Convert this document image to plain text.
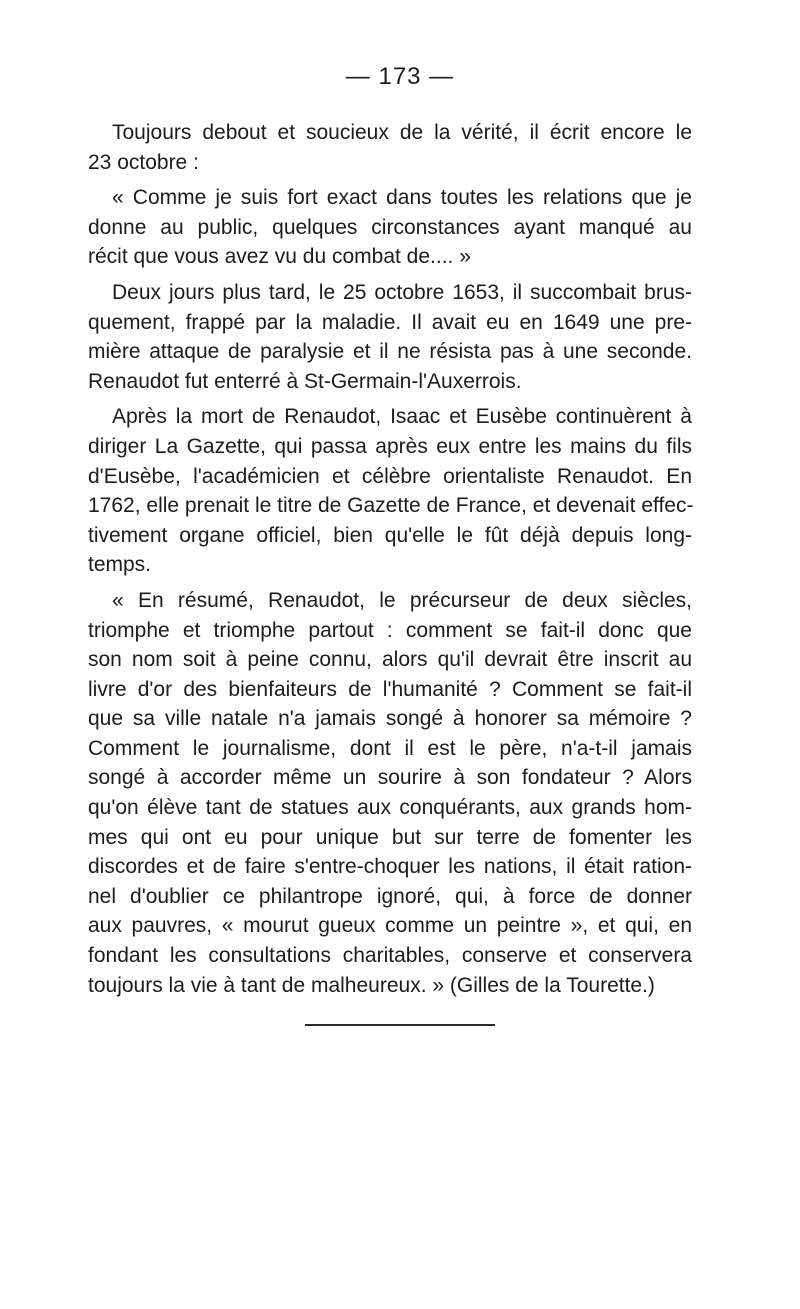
— 173 —
Toujours debout et soucieux de la vérité, il écrit encore le
23 octobre :
« Comme je suis fort exact dans toutes les relations que je
donne au public, quelques circonstances ayant manqué au
récit que vous avez vu du combat de.... »
Deux jours plus tard, le 25 octobre 1653, il succombait brus-
quement, frappé par la maladie. Il avait eu en 1649 une pre-
mière attaque de paralysie et il ne résista pas à une seconde.
Renaudot fut enterré à St-Germain-l'Auxerrois.
Après la mort de Renaudot, Isaac et Eusèbe continuèrent à
diriger La Gazette, qui passa après eux entre les mains du fils
d'Eusèbe, l'académicien et célèbre orientaliste Renaudot. En
1762, elle prenait le titre de Gazette de France, et devenait effec-
tivement organe officiel, bien qu'elle le fût déjà depuis long-
temps.
« En résumé, Renaudot, le précurseur de deux siècles,
triomphe et triomphe partout : comment se fait-il donc que
son nom soit à peine connu, alors qu'il devrait être inscrit au
livre d'or des bienfaiteurs de l'humanité ? Comment se fait-il
que sa ville natale n'a jamais songé à honorer sa mémoire ?
Comment le journalisme, dont il est le père, n'a-t-il jamais
songé à accorder même un sourire à son fondateur ? Alors
qu'on élève tant de statues aux conquérants, aux grands hom-
mes qui ont eu pour unique but sur terre de fomenter les
discordes et de faire s'entre-choquer les nations, il était ration-
nel d'oublier ce philantrope ignoré, qui, à force de donner
aux pauvres, « mourut gueux comme un peintre », et qui, en
fondant les consultations charitables, conserve et conservera
toujours la vie à tant de malheureux. » (Gilles de la Tourette.)
